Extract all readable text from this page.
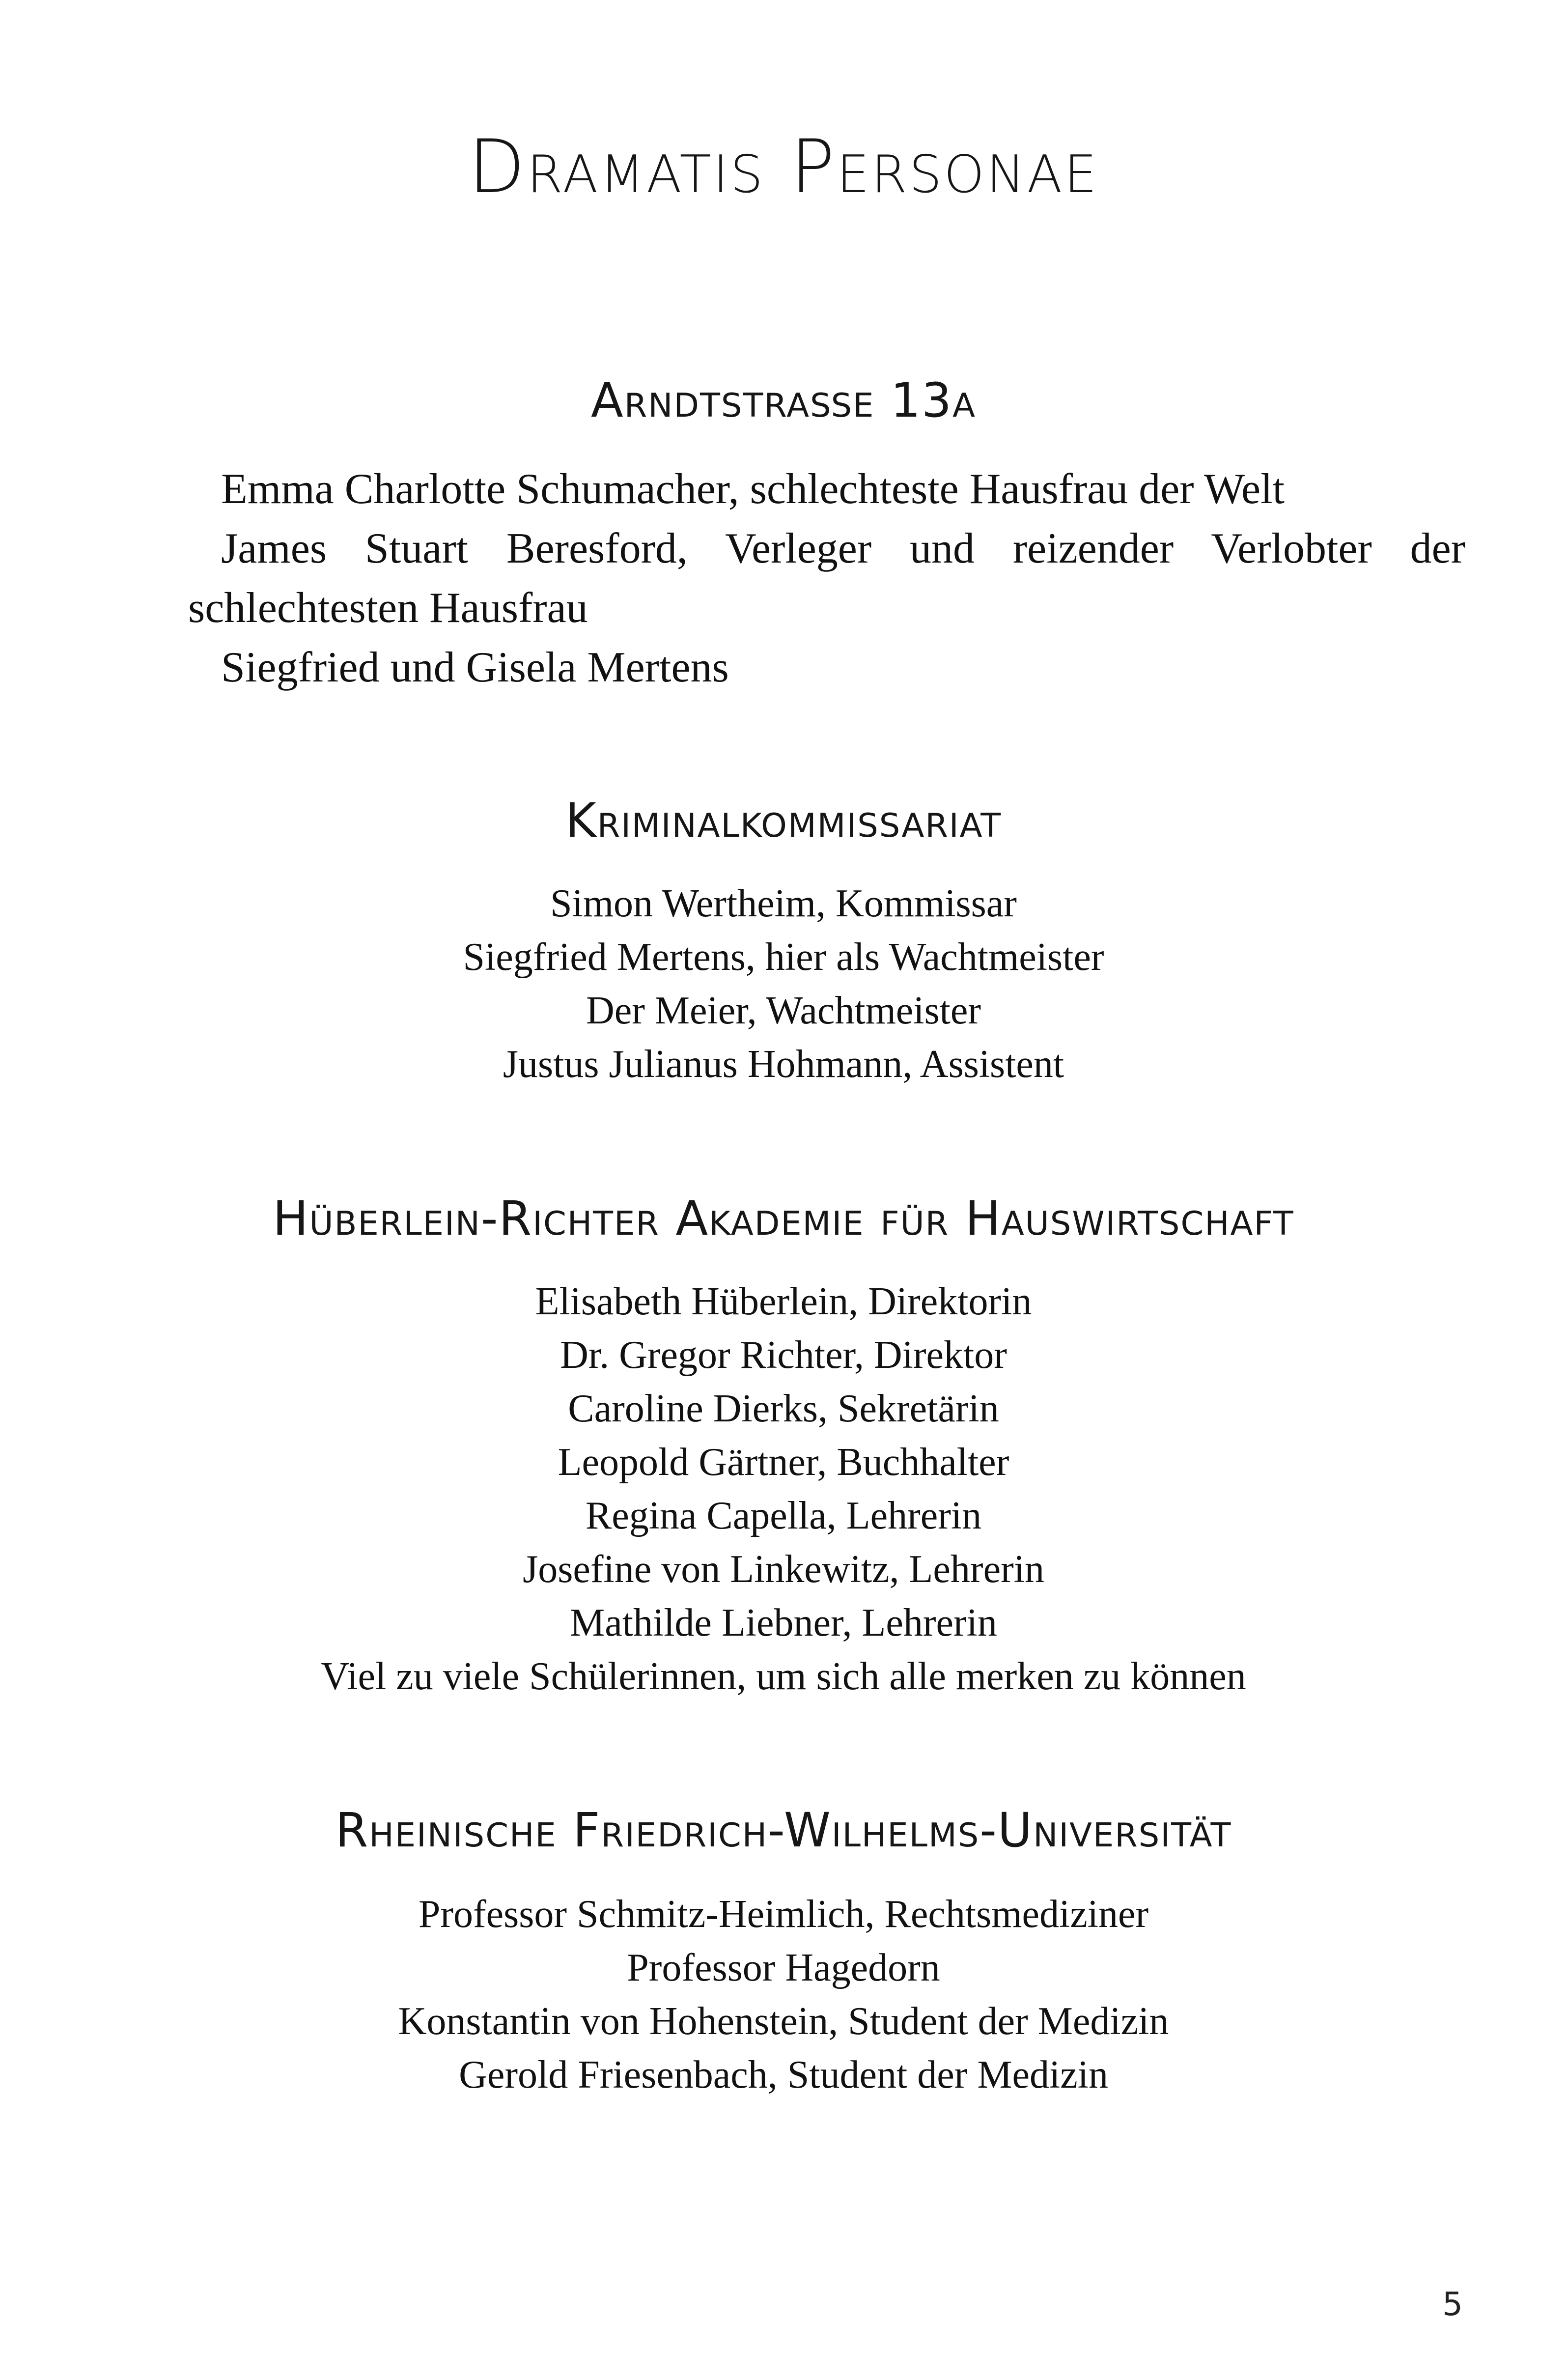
Dramatis Personae
Arndtstraße 13a

Emma Charlotte Schumacher, schlechteste Hausfrau der Welt

James Stuart Beresford, Verleger und reizender Verlobter der schlechtesten Hausfrau

Siegfried und Gisela Mertens

Kriminalkommissariat
Simon Wertheim, Kommissar
Siegfried Mertens, hier als Wachtmeister
Der Meier, Wachtmeister
Justus Julianus Hohmann, Assistent
Hüberlein-Richter Akademie für Hauswirtschaft
Elisabeth Hüberlein, Direktorin
Dr. Gregor Richter, Direktor
Caroline Dierks, Sekretärin
Leopold Gärtner, Buchhalter
Regina Capella, Lehrerin
Josefine von Linkewitz, Lehrerin
Mathilde Liebner, Lehrerin
Viel zu viele Schülerinnen, um sich alle merken zu können
Rheinische Friedrich-Wilhelms-Universität
Professor Schmitz-Heimlich, Rechtsmediziner
Professor Hagedorn
Konstantin von Hohenstein, Student der Medizin
Gerold Friesenbach, Student der Medizin
5
